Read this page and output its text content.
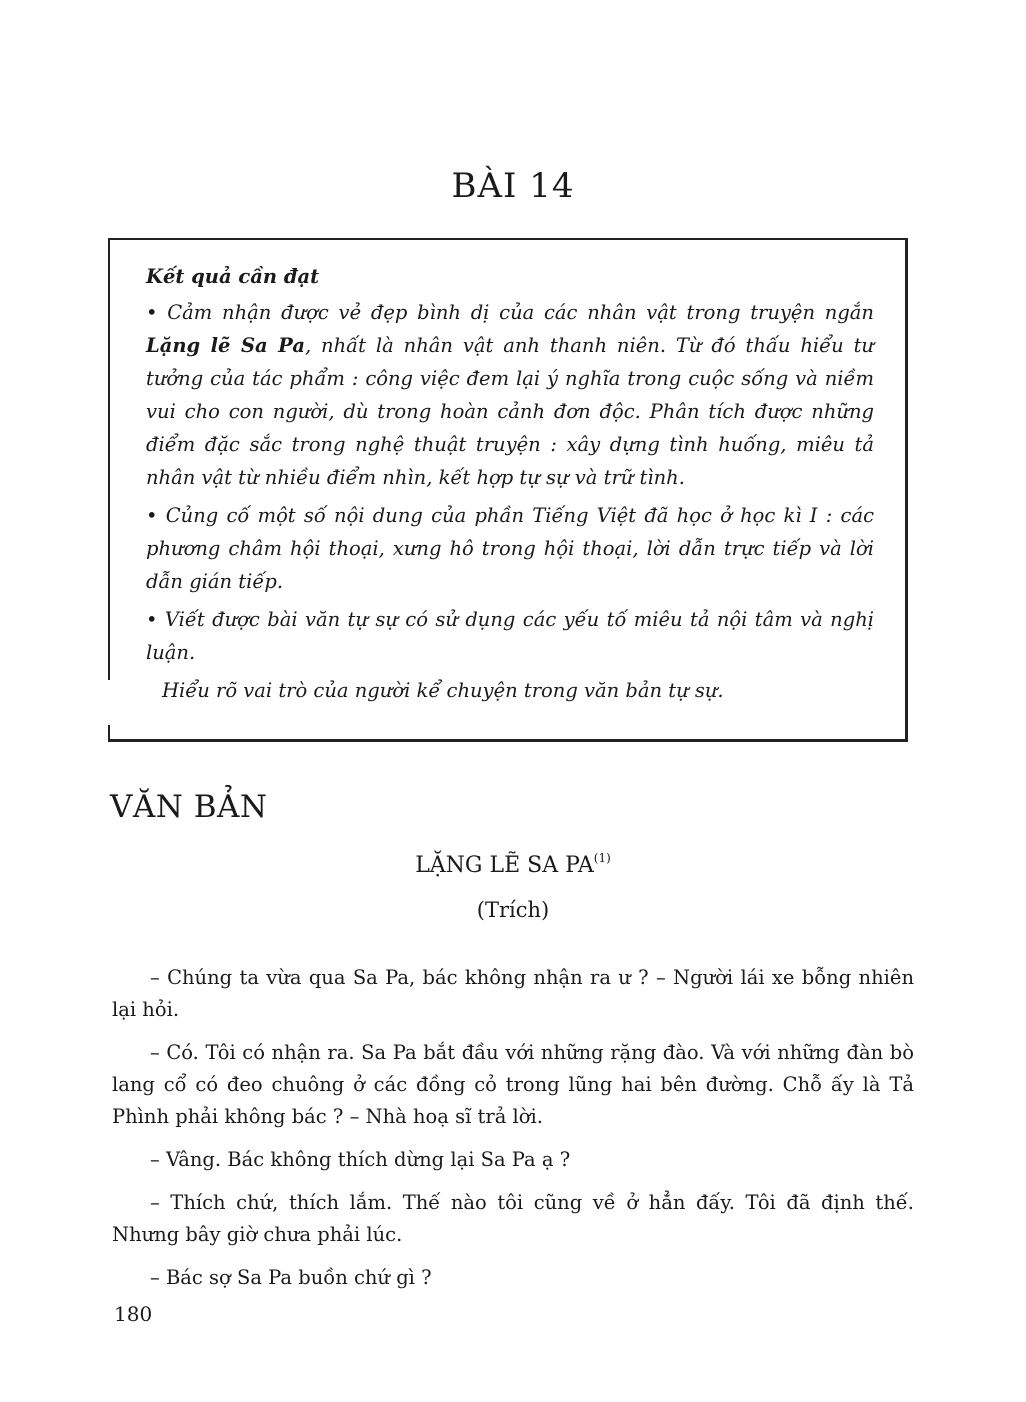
BÀI 14

Kết quả cần đạt

• Cảm nhận được vẻ đẹp bình dị của các nhân vật trong truyện ngắn Lặng lẽ Sa Pa, nhất là nhân vật anh thanh niên. Từ đó thấu hiểu tư tưởng của tác phẩm : công việc đem lại ý nghĩa trong cuộc sống và niềm vui cho con người, dù trong hoàn cảnh đơn độc. Phân tích được những điểm đặc sắc trong nghệ thuật truyện : xây dựng tình huống, miêu tả nhân vật từ nhiều điểm nhìn, kết hợp tự sự và trữ tình.

• Củng cố một số nội dung của phần Tiếng Việt đã học ở học kì I : các phương châm hội thoại, xưng hô trong hội thoại, lời dẫn trực tiếp và lời dẫn gián tiếp.

• Viết được bài văn tự sự có sử dụng các yếu tố miêu tả nội tâm và nghị luận.

Hiểu rõ vai trò của người kể chuyện trong văn bản tự sự.

VĂN BẢN
LẶNG LẼ SA PA$^{(1)}$

(Trích)

– Chúng ta vừa qua Sa Pa, bác không nhận ra ư ? – Người lái xe bỗng nhiên lại hỏi.

– Có. Tôi có nhận ra. Sa Pa bắt đầu với những rặng đào. Và với những đàn bò lang cổ có đeo chuông ở các đồng cỏ trong lũng hai bên đường. Chỗ ấy là Tả Phình phải không bác ? – Nhà hoạ sĩ trả lời.

– Vâng. Bác không thích dừng lại Sa Pa ạ ?

– Thích chứ, thích lắm. Thế nào tôi cũng về ở hẳn đấy. Tôi đã định thế. Nhưng bây giờ chưa phải lúc.

– Bác sợ Sa Pa buồn chứ gì ?

180
